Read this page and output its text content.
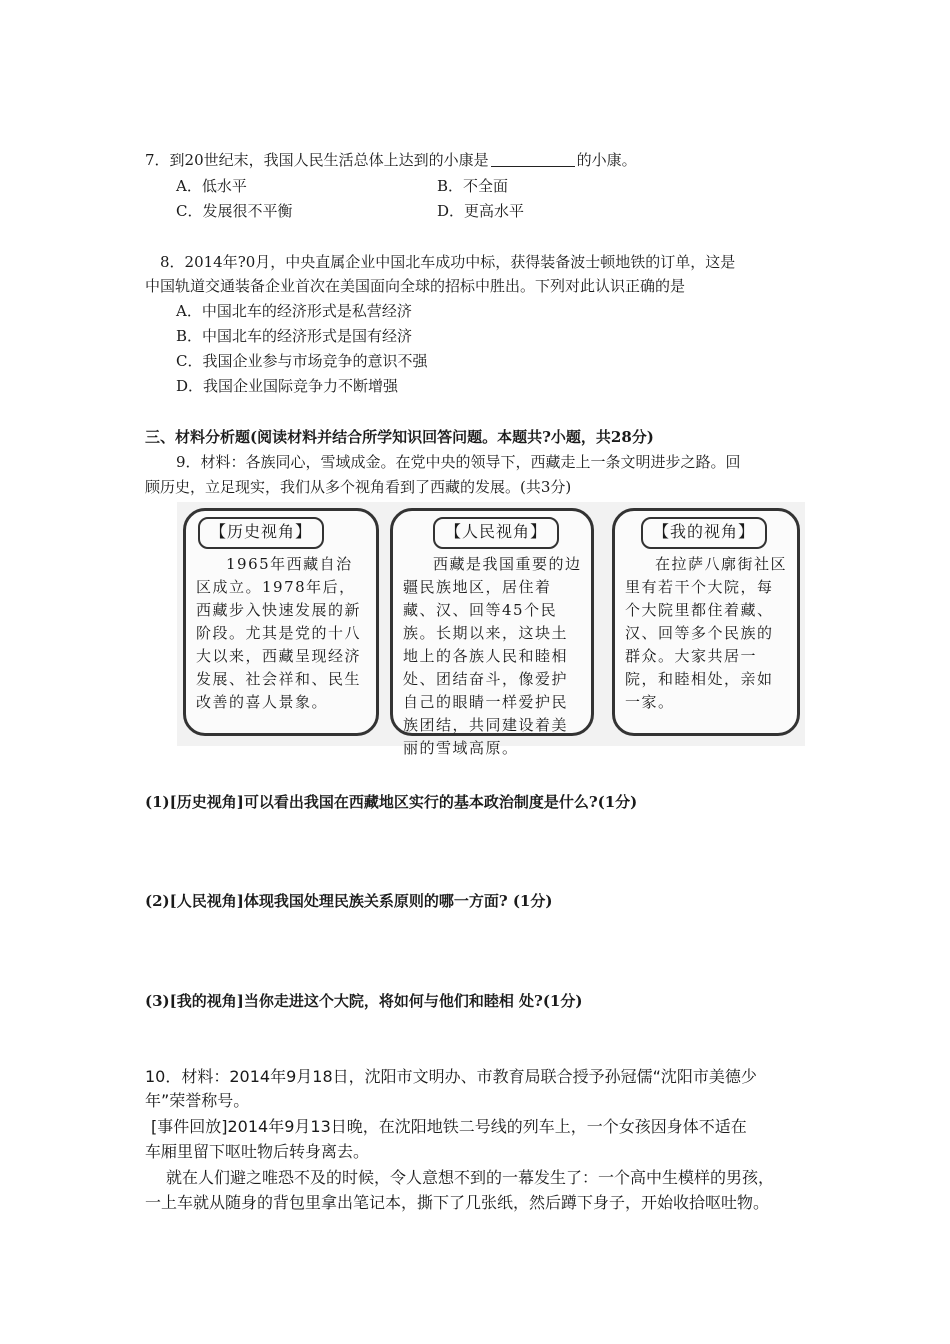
7．到20世纪末，我国人民生活总体上达到的小康是	的小康。
A．低水平	B．不全面
C．发展很不平衡	D．更高水平
8．2014年?0月，中央直属企业中国北车成功中标，获得装备波士顿地铁的订单，这是
中国轨道交通装备企业首次在美国面向全球的招标中胜出。下列对此认识正确的是
A．中国北车的经济形式是私营经济
B．中国北车的经济形式是国有经济
C．我国企业参与市场竞争的意识不强
D．我国企业国际竞争力不断增强
三、材料分析题(阅读材料并结合所学知识回答问题。本题共?小题，共28分)
9．材料：各族同心，雪域成金。在党中央的领导下，西藏走上一条文明进步之路。回
顾历史，立足现实，我们从多个视角看到了西藏的发展。(共3分)
【历史视角】
1965年西藏自治区成立。1978年后，西藏步入快速发展的新阶段。尤其是党的十八大以来，西藏呈现经济发展、社会祥和、民生改善的喜人景象。
【人民视角】
西藏是我国重要的边疆民族地区，居住着藏、汉、回等45个民族。长期以来，这块土地上的各族人民和睦相处、团结奋斗，像爱护自己的眼睛一样爱护民族团结，共同建设着美丽的雪域高原。
【我的视角】
在拉萨八廓街社区里有若干个大院，每个大院里都住着藏、汉、回等多个民族的群众。大家共居一院，和睦相处，亲如一家。
(1)[历史视角]可以看出我国在西藏地区实行的基本政治制度是什么?(1分)
(2)[人民视角]体现我国处理民族关系原则的哪一方面? (1分)
(3)[我的视角]当你走进这个大院，将如何与他们和睦相 处?(1分)
10．材料：2014年9月18日，沈阳市文明办、市教育局联合授予孙冠儒“沈阳市美德少
年”荣誉称号。
[事件回放]2014年9月13日晚，在沈阳地铁二号线的列车上，一个女孩因身体不适在
车厢里留下呕吐物后转身离去。
就在人们避之唯恐不及的时候，令人意想不到的一幕发生了：一个高中生模样的男孩，
一上车就从随身的背包里拿出笔记本，撕下了几张纸，然后蹲下身子，开始收拾呕吐物。
